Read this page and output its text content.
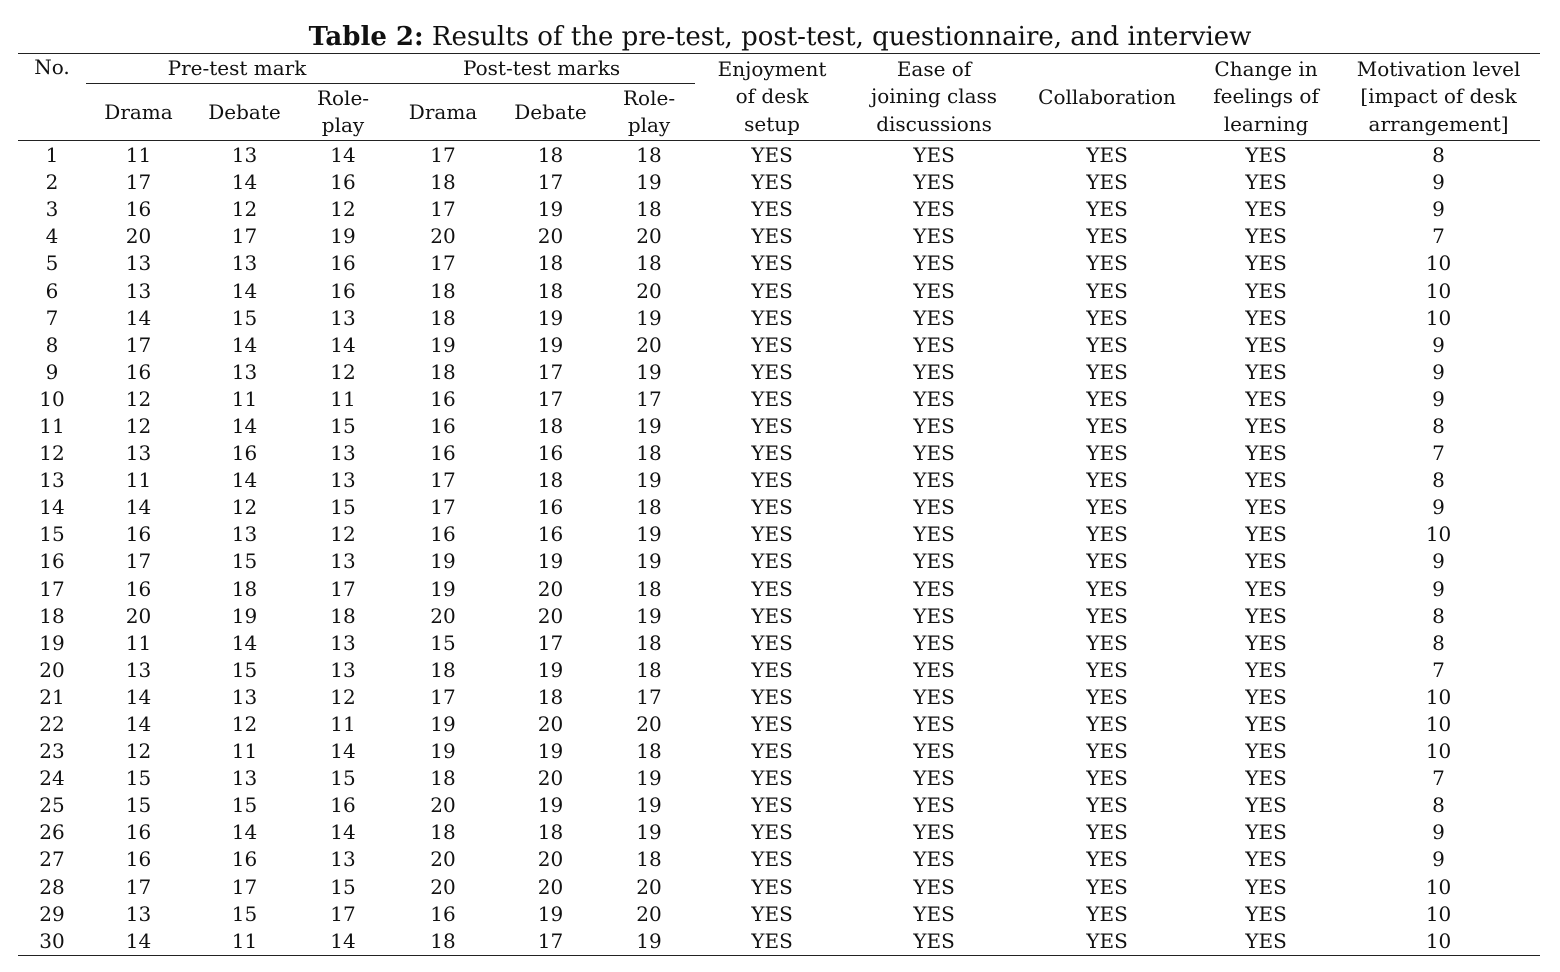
Table 2: Results of the pre-test, post-test, questionnaire, and interview
No.	Pre-test mark			Post-test marks			Enjoyment
of desk
setup	Ease of
joining class
discussions	Collaboration	Change in
feelings of
learning	Motivation level
[impact of desk
arrangement]
	Drama	Debate	Role-
play	Drama	Debate	Role-
play					
1	11	13	14	17	18	18	YES	YES	YES	YES	8
2	17	14	16	18	17	19	YES	YES	YES	YES	9
3	16	12	12	17	19	18	YES	YES	YES	YES	9
4	20	17	19	20	20	20	YES	YES	YES	YES	7
5	13	13	16	17	18	18	YES	YES	YES	YES	10
6	13	14	16	18	18	20	YES	YES	YES	YES	10
7	14	15	13	18	19	19	YES	YES	YES	YES	10
8	17	14	14	19	19	20	YES	YES	YES	YES	9
9	16	13	12	18	17	19	YES	YES	YES	YES	9
10	12	11	11	16	17	17	YES	YES	YES	YES	9
11	12	14	15	16	18	19	YES	YES	YES	YES	8
12	13	16	13	16	16	18	YES	YES	YES	YES	7
13	11	14	13	17	18	19	YES	YES	YES	YES	8
14	14	12	15	17	16	18	YES	YES	YES	YES	9
15	16	13	12	16	16	19	YES	YES	YES	YES	10
16	17	15	13	19	19	19	YES	YES	YES	YES	9
17	16	18	17	19	20	18	YES	YES	YES	YES	9
18	20	19	18	20	20	19	YES	YES	YES	YES	8
19	11	14	13	15	17	18	YES	YES	YES	YES	8
20	13	15	13	18	19	18	YES	YES	YES	YES	7
21	14	13	12	17	18	17	YES	YES	YES	YES	10
22	14	12	11	19	20	20	YES	YES	YES	YES	10
23	12	11	14	19	19	18	YES	YES	YES	YES	10
24	15	13	15	18	20	19	YES	YES	YES	YES	7
25	15	15	16	20	19	19	YES	YES	YES	YES	8
26	16	14	14	18	18	19	YES	YES	YES	YES	9
27	16	16	13	20	20	18	YES	YES	YES	YES	9
28	17	17	15	20	20	20	YES	YES	YES	YES	10
29	13	15	17	16	19	20	YES	YES	YES	YES	10
30	14	11	14	18	17	19	YES	YES	YES	YES	10
